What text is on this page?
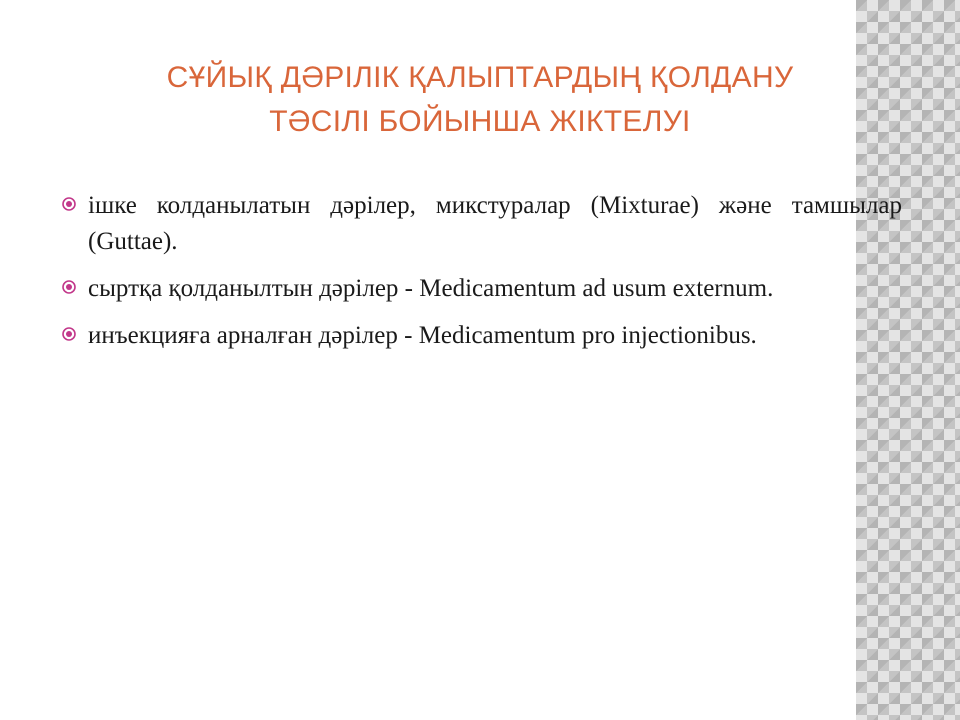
СҰЙЫҚ ДӘРІЛІК ҚАЛЫПТАРДЫҢ ҚОЛДАНУ
ТӘСІЛІ БОЙЫНША ЖІКТЕЛУІ
ішке колданылатын дәрілер, микстуралар (Mixturae) және тамшылар (Guttae).
сыртқа қолданылтын дәрілер - Medicamentum ad usum externum.
инъекцияға арналған дәрілер - Medicamentum pro injectionibus.
